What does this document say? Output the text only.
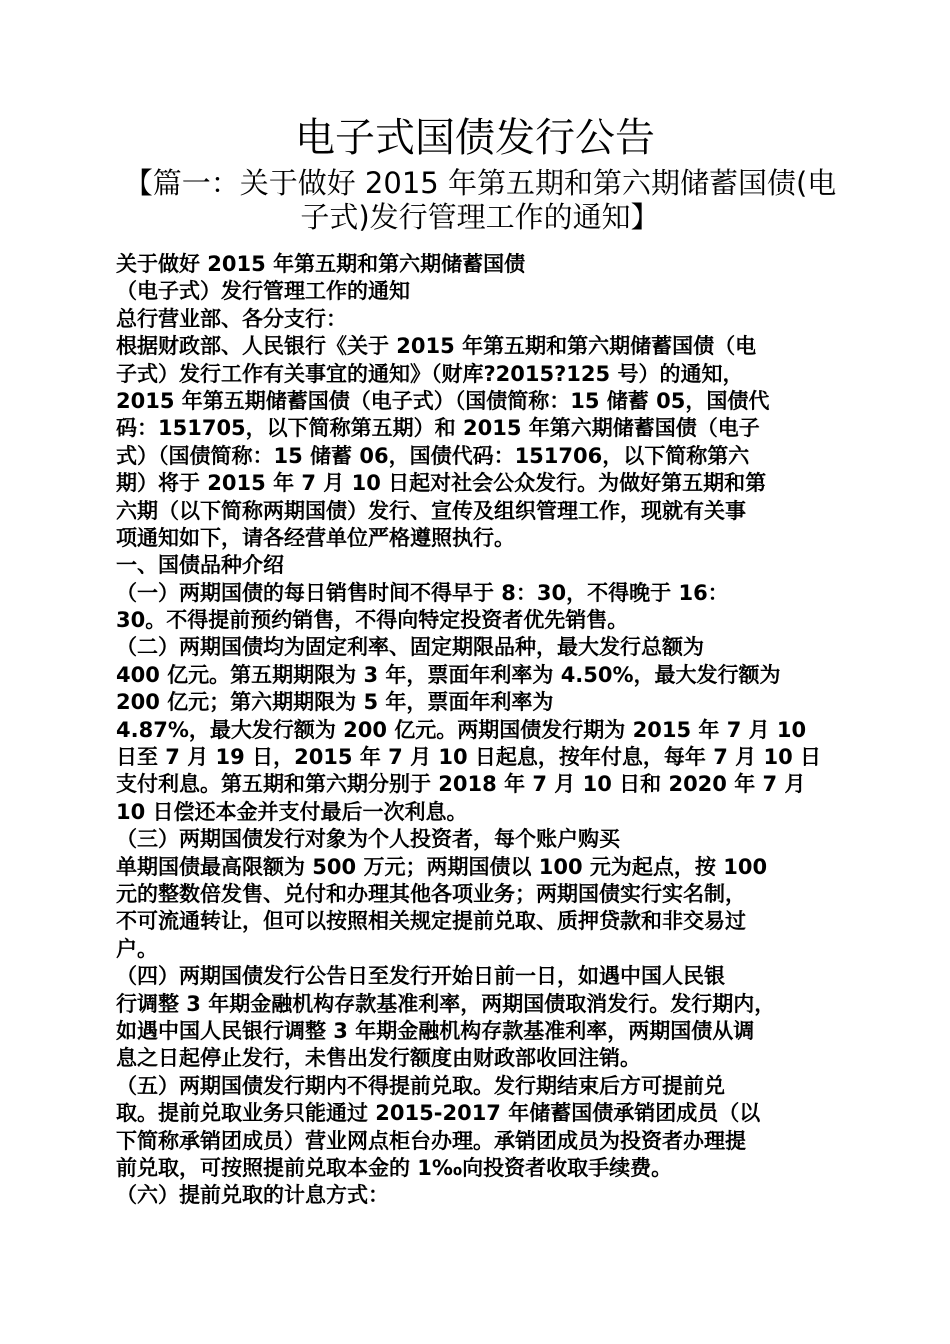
电子式国债发行公告
【篇一：关于做好 2015 年第五期和第六期储蓄国债(电
子式)发行管理工作的通知】
关于做好 2015 年第五期和第六期储蓄国债
（电子式）发行管理工作的通知
总行营业部、各分支行：
根据财政部、人民银行《关于 2015 年第五期和第六期储蓄国债（电
子式）发行工作有关事宜的通知》（财库?2015?125 号）的通知，
2015 年第五期储蓄国债（电子式）（国债简称：15 储蓄 05，国债代
码：151705，以下简称第五期）和 2015 年第六期储蓄国债（电子
式）（国债简称：15 储蓄 06，国债代码：151706，以下简称第六
期）将于 2015 年 7 月 10 日起对社会公众发行。为做好第五期和第
六期（以下简称两期国债）发行、宣传及组织管理工作，现就有关事
项通知如下，请各经营单位严格遵照执行。
一、国债品种介绍
（一）两期国债的每日销售时间不得早于 8：30，不得晚于 16：
30。不得提前预约销售，不得向特定投资者优先销售。
（二）两期国债均为固定利率、固定期限品种，最大发行总额为
400 亿元。第五期期限为 3 年，票面年利率为 4.50%，最大发行额为
200 亿元；第六期期限为 5 年，票面年利率为
4.87%，最大发行额为 200 亿元。两期国债发行期为 2015 年 7 月 10
日至 7 月 19 日，2015 年 7 月 10 日起息，按年付息，每年 7 月 10 日
支付利息。第五期和第六期分别于 2018 年 7 月 10 日和 2020 年 7 月
10 日偿还本金并支付最后一次利息。
（三）两期国债发行对象为个人投资者，每个账户购买
单期国债最高限额为 500 万元；两期国债以 100 元为起点，按 100
元的整数倍发售、兑付和办理其他各项业务；两期国债实行实名制，
不可流通转让，但可以按照相关规定提前兑取、质押贷款和非交易过
户。
（四）两期国债发行公告日至发行开始日前一日，如遇中国人民银
行调整 3 年期金融机构存款基准利率，两期国债取消发行。发行期内，
如遇中国人民银行调整 3 年期金融机构存款基准利率，两期国债从调
息之日起停止发行，未售出发行额度由财政部收回注销。
（五）两期国债发行期内不得提前兑取。发行期结束后方可提前兑
取。提前兑取业务只能通过 2015-2017 年储蓄国债承销团成员（以
下简称承销团成员）营业网点柜台办理。承销团成员为投资者办理提
前兑取，可按照提前兑取本金的 1‰向投资者收取手续费。
（六）提前兑取的计息方式：
